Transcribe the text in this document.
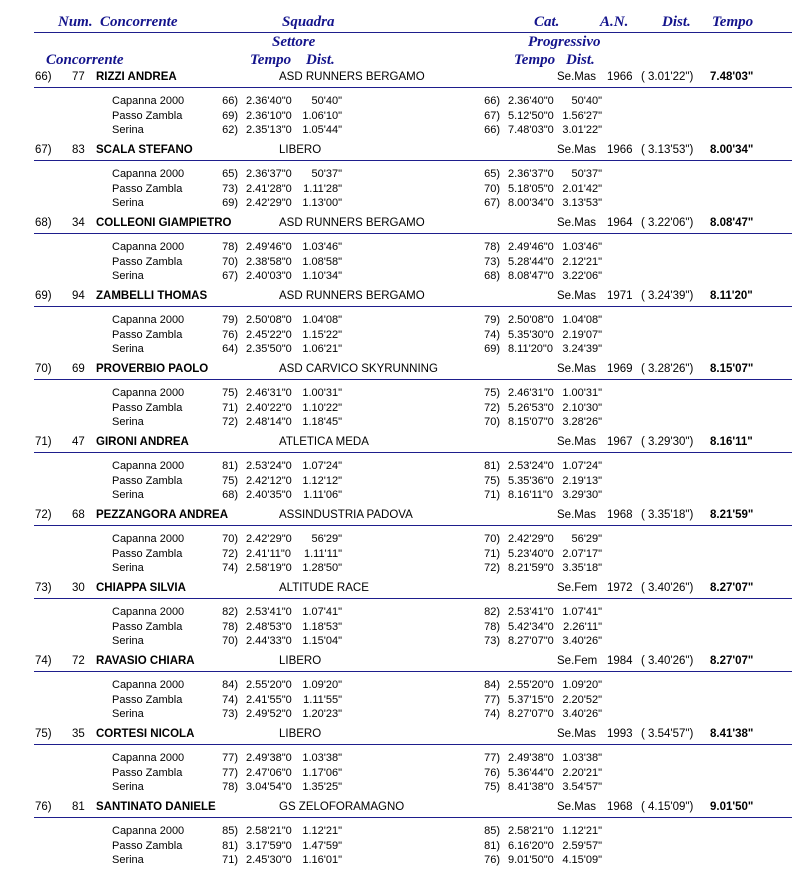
Num. Concorrente	Squadra	Cat.	A.N. Dist. Tempo
Settore	Progressivo
Concorrente	Tempo Dist.	Tempo Dist.
66) 77 RIZZI ANDREA	ASD RUNNERS BERGAMO	Se.Mas 1966 ( 3.01'22") 7.48'03"
Capanna 2000	66) 2.36'40"0 50'40"	66) 2.36'40"0 50'40"
Passo Zambla	69) 2.36'10"0 1.06'10"	67) 5.12'50"0 1.56'27"
Serina	62) 2.35'13"0 1.05'44"	66) 7.48'03"0 3.01'22"
67) 83 SCALA STEFANO	LIBERO	Se.Mas 1966 ( 3.13'53") 8.00'34"
Capanna 2000	65) 2.36'37"0 50'37"	65) 2.36'37"0 50'37"
Passo Zambla	73) 2.41'28"0 1.11'28"	70) 5.18'05"0 2.01'42"
Serina	69) 2.42'29"0 1.13'00"	67) 8.00'34"0 3.13'53"
68) 34 COLLEONI GIAMPIETRO	ASD RUNNERS BERGAMO	Se.Mas 1964 ( 3.22'06") 8.08'47"
Capanna 2000	78) 2.49'46"0 1.03'46"	78) 2.49'46"0 1.03'46"
Passo Zambla	70) 2.38'58"0 1.08'58"	73) 5.28'44"0 2.12'21"
Serina	67) 2.40'03"0 1.10'34"	68) 8.08'47"0 3.22'06"
69) 94 ZAMBELLI THOMAS	ASD RUNNERS BERGAMO	Se.Mas 1971 ( 3.24'39") 8.11'20"
Capanna 2000	79) 2.50'08"0 1.04'08"	79) 2.50'08"0 1.04'08"
Passo Zambla	76) 2.45'22"0 1.15'22"	74) 5.35'30"0 2.19'07"
Serina	64) 2.35'50"0 1.06'21"	69) 8.11'20"0 3.24'39"
70) 69 PROVERBIO PAOLO	ASD CARVICO SKYRUNNING	Se.Mas 1969 ( 3.28'26") 8.15'07"
Capanna 2000	75) 2.46'31"0 1.00'31"	75) 2.46'31"0 1.00'31"
Passo Zambla	71) 2.40'22"0 1.10'22"	72) 5.26'53"0 2.10'30"
Serina	72) 2.48'14"0 1.18'45"	70) 8.15'07"0 3.28'26"
71) 47 GIRONI ANDREA	ATLETICA MEDA	Se.Mas 1967 ( 3.29'30") 8.16'11"
Capanna 2000	81) 2.53'24"0 1.07'24"	81) 2.53'24"0 1.07'24"
Passo Zambla	75) 2.42'12"0 1.12'12"	75) 5.35'36"0 2.19'13"
Serina	68) 2.40'35"0 1.11'06"	71) 8.16'11"0 3.29'30"
72) 68 PEZZANGORA ANDREA	ASSINDUSTRIA PADOVA	Se.Mas 1968 ( 3.35'18") 8.21'59"
Capanna 2000	70) 2.42'29"0 56'29"	70) 2.42'29"0 56'29"
Passo Zambla	72) 2.41'11"0 1.11'11"	71) 5.23'40"0 2.07'17"
Serina	74) 2.58'19"0 1.28'50"	72) 8.21'59"0 3.35'18"
73) 30 CHIAPPA SILVIA	ALTITUDE RACE	Se.Fem 1972 ( 3.40'26") 8.27'07"
Capanna 2000	82) 2.53'41"0 1.07'41"	82) 2.53'41"0 1.07'41"
Passo Zambla	78) 2.48'53"0 1.18'53"	78) 5.42'34"0 2.26'11"
Serina	70) 2.44'33"0 1.15'04"	73) 8.27'07"0 3.40'26"
74) 72 RAVASIO CHIARA	LIBERO	Se.Fem 1984 ( 3.40'26") 8.27'07"
Capanna 2000	84) 2.55'20"0 1.09'20"	84) 2.55'20"0 1.09'20"
Passo Zambla	74) 2.41'55"0 1.11'55"	77) 5.37'15"0 2.20'52"
Serina	73) 2.49'52"0 1.20'23"	74) 8.27'07"0 3.40'26"
75) 35 CORTESI NICOLA	LIBERO	Se.Mas 1993 ( 3.54'57") 8.41'38"
Capanna 2000	77) 2.49'38"0 1.03'38"	77) 2.49'38"0 1.03'38"
Passo Zambla	77) 2.47'06"0 1.17'06"	76) 5.36'44"0 2.20'21"
Serina	78) 3.04'54"0 1.35'25"	75) 8.41'38"0 3.54'57"
76) 81 SANTINATO DANIELE	GS ZELOFORAMAGNO	Se.Mas 1968 ( 4.15'09") 9.01'50"
Capanna 2000	85) 2.58'21"0 1.12'21"	85) 2.58'21"0 1.12'21"
Passo Zambla	81) 3.17'59"0 1.47'59"	81) 6.16'20"0 2.59'57"
Serina	71) 2.45'30"0 1.16'01"	76) 9.01'50"0 4.15'09"
